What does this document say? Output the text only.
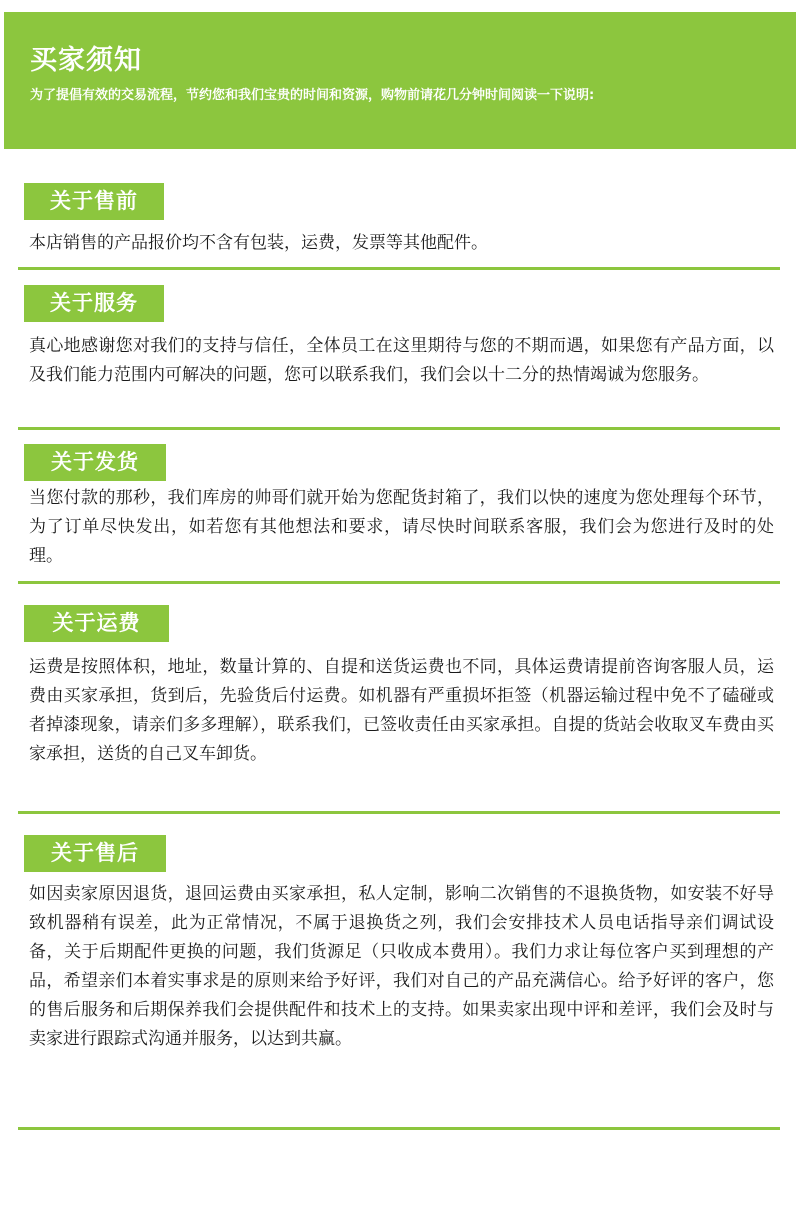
买家须知
为了提倡有效的交易流程，节约您和我们宝贵的时间和资源，购物前请花几分钟时间阅读一下说明:
关于售前
本店销售的产品报价均不含有包装，运费，发票等其他配件。
关于服务
真心地感谢您对我们的支持与信任，全体员工在这里期待与您的不期而遇，如果您有产品方面，以及我们能力范围内可解决的问题，您可以联系我们，我们会以十二分的热情竭诚为您服务。
关于发货
当您付款的那秒，我们库房的帅哥们就开始为您配货封箱了，我们以快的速度为您处理每个环节，为了订单尽快发出，如若您有其他想法和要求，请尽快时间联系客服，我们会为您进行及时的处理。
关于运费
运费是按照体积，地址，数量计算的、自提和送货运费也不同，具体运费请提前咨询客服人员，运费由买家承担，货到后，先验货后付运费。如机器有严重损坏拒签（机器运输过程中免不了磕碰或者掉漆现象，请亲们多多理解），联系我们，已签收责任由买家承担。自提的货站会收取叉车费由买家承担，送货的自己叉车卸货。
关于售后
如因卖家原因退货，退回运费由买家承担，私人定制，影响二次销售的不退换货物，如安装不好导致机器稍有误差，此为正常情况，不属于退换货之列，我们会安排技术人员电话指导亲们调试设备，关于后期配件更换的问题，我们货源足（只收成本费用）。我们力求让每位客户买到理想的产品，希望亲们本着实事求是的原则来给予好评，我们对自己的产品充满信心。给予好评的客户，您的售后服务和后期保养我们会提供配件和技术上的支持。如果卖家出现中评和差评，我们会及时与卖家进行跟踪式沟通并服务，以达到共赢。
